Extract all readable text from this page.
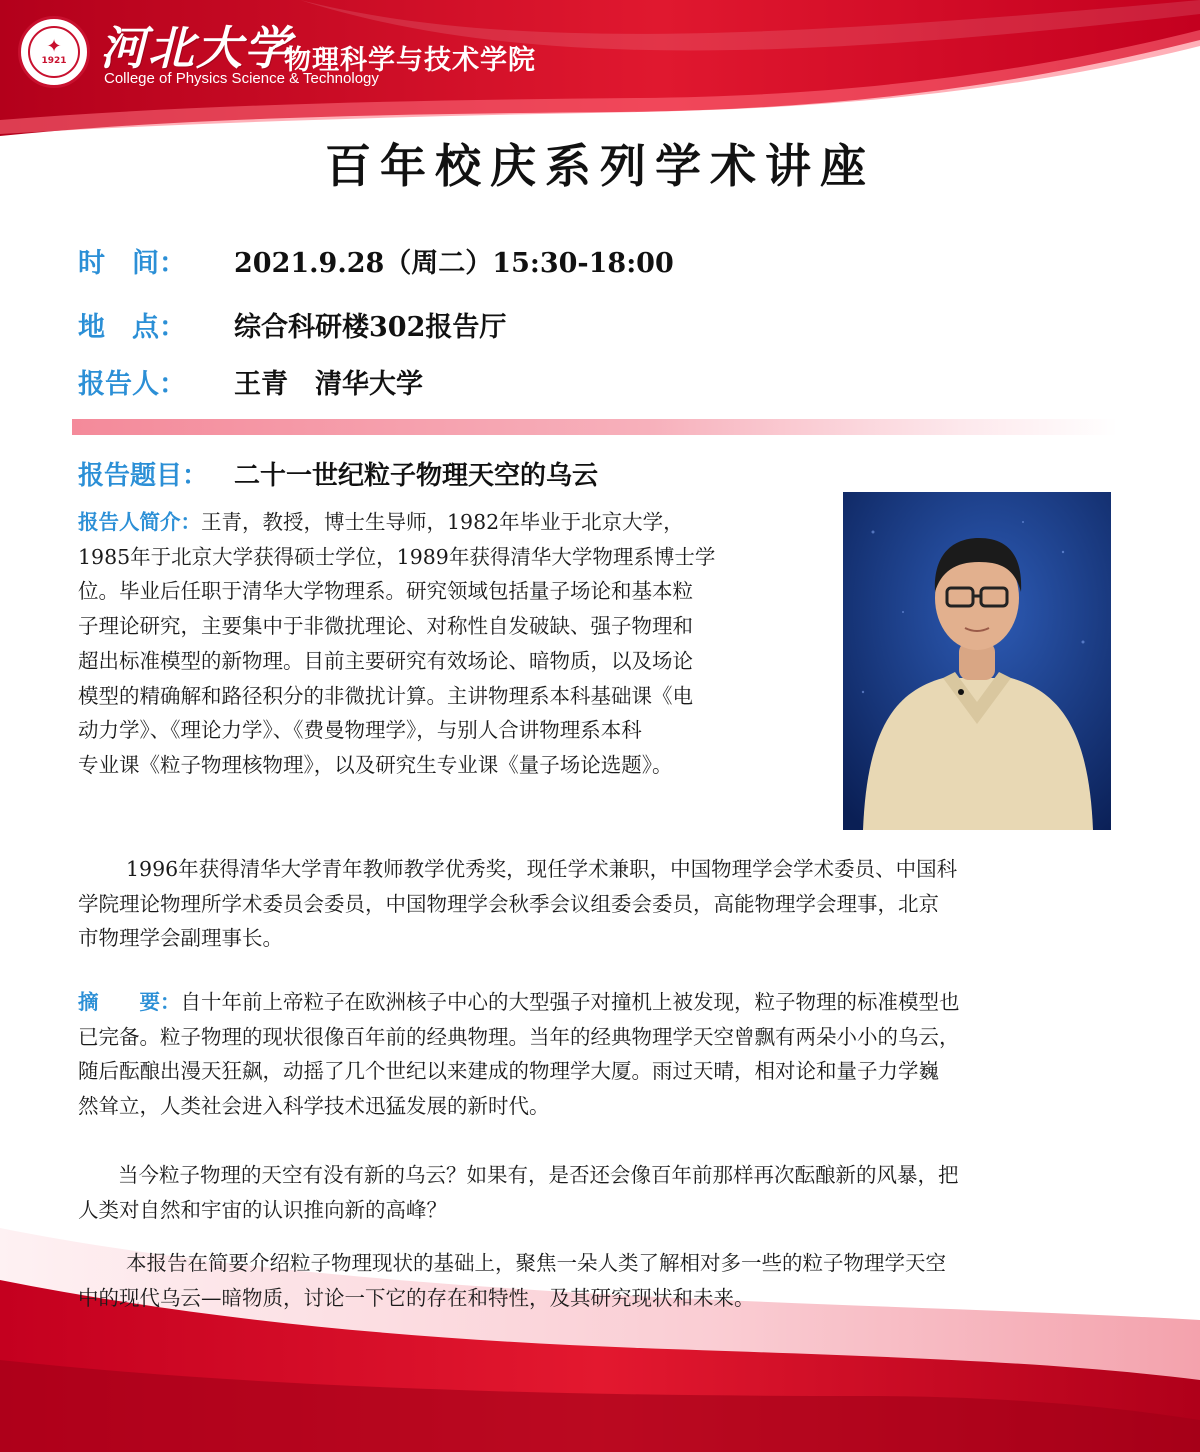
✦
1921 河北大学
物理科学与技术学院
College of Physics Science & Technology
百年校庆系列学术讲座
时　间： 2021.9.28（周二）15:30-18:00
地　点： 综合科研楼302报告厅
报告人： 王青　清华大学
报告题目： 二十一世纪粒子物理天空的乌云
报告人简介：王青，教授，博士生导师，1982年毕业于北京大学，
1985年于北京大学获得硕士学位，1989年获得清华大学物理系博士学
位。毕业后任职于清华大学物理系。研究领域包括量子场论和基本粒
子理论研究，主要集中于非微扰理论、对称性自发破缺、强子物理和
超出标准模型的新物理。目前主要研究有效场论、暗物质，以及场论
模型的精确解和路径积分的非微扰计算。主讲物理系本科基础课《电
动力学》、《理论力学》、《费曼物理学》，与别人合讲物理系本科
专业课《粒子物理核物理》，以及研究生专业课《量子场论选题》。
1996年获得清华大学青年教师教学优秀奖，现任学术兼职，中国物理学会学术委员、中国科
学院理论物理所学术委员会委员，中国物理学会秋季会议组委会委员，高能物理学会理事，北京
市物理学会副理事长。
摘　　要：自十年前上帝粒子在欧洲核子中心的大型强子对撞机上被发现，粒子物理的标准模型也
已完备。粒子物理的现状很像百年前的经典物理。当年的经典物理学天空曾飘有两朵小小的乌云，
随后酝酿出漫天狂飙，动摇了几个世纪以来建成的物理学大厦。雨过天晴，相对论和量子力学巍
然耸立，人类社会进入科学技术迅猛发展的新时代。
当今粒子物理的天空有没有新的乌云？如果有，是否还会像百年前那样再次酝酿新的风暴，把
人类对自然和宇宙的认识推向新的高峰？
本报告在简要介绍粒子物理现状的基础上，聚焦一朵人类了解相对多一些的粒子物理学天空
中的现代乌云—暗物质，讨论一下它的存在和特性，及其研究现状和未来。
